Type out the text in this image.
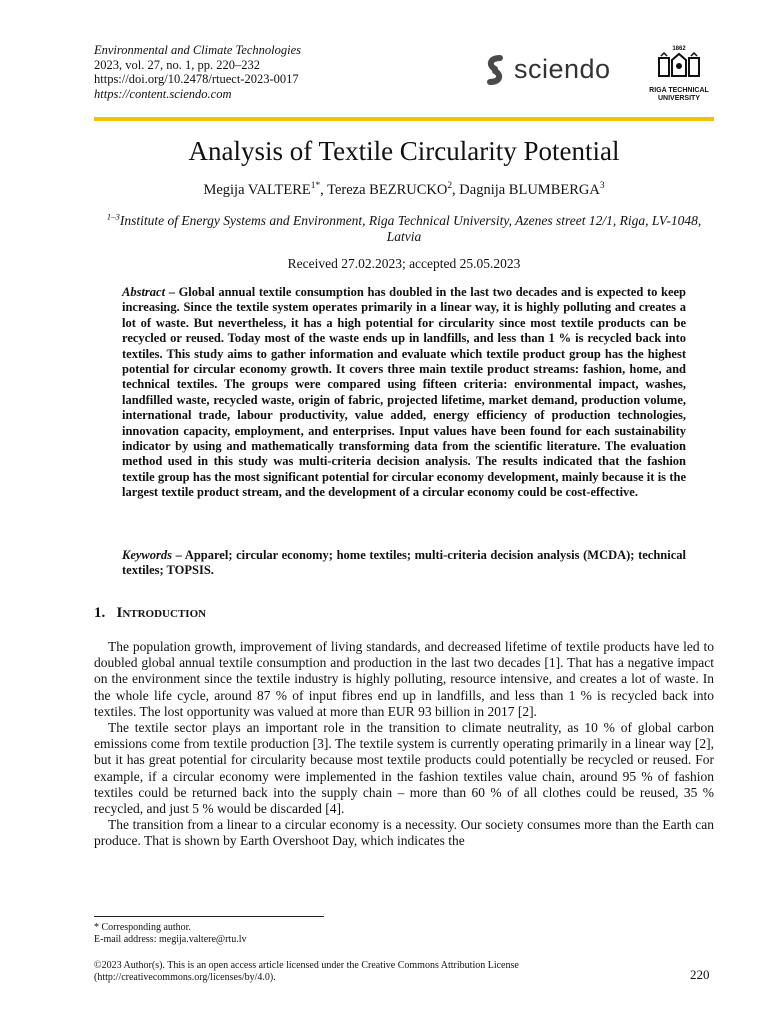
Environmental and Climate Technologies
2023, vol. 27, no. 1, pp. 220–232
https://doi.org/10.2478/rtuect-2023-0017
https://content.sciendo.com
sciendo
1862
RIGA TECHNICAL
UNIVERSITY
Analysis of Textile Circularity Potential
Megija $VALTERE^{1*}$, Tereza BEZRUCKO$^2$, Dagnija BLUMBERGA$^3$
$^{1-3}$Institute of Energy Systems and Environment, Riga Technical University, Azenes street 12/1, Riga, LV-1048, Latvia
Received 27.02.2023; accepted 25.05.2023
Abstract – Global annual textile consumption has doubled in the last two decades and is expected to keep increasing. Since the textile system operates primarily in a linear way, it is highly polluting and creates a lot of waste. But nevertheless, it has a high potential for circularity since most textile products can be recycled or reused. Today most of the waste ends up in landfills, and less than 1 % is recycled back into textiles. This study aims to gather information and evaluate which textile product group has the highest potential for circular economy growth. It covers three main textile product streams: fashion, home, and technical textiles. The groups were compared using fifteen criteria: environmental impact, washes, landfilled waste, recycled waste, origin of fabric, projected lifetime, market demand, production volume, international trade, labour productivity, value added, energy efficiency of production technologies, innovation capacity, employment, and enterprises. Input values have been found for each sustainability indicator by using and mathematically transforming data from the scientific literature. The evaluation method used in this study was multi-criteria decision analysis. The results indicated that the fashion textile group has the most significant potential for circular economy development, mainly because it is the largest textile product stream, and the development of a circular economy could be cost-effective.
Keywords – Apparel; circular economy; home textiles; multi-criteria decision analysis (MCDA); technical textiles; TOPSIS.
1. Introduction

The population growth, improvement of living standards, and decreased lifetime of textile products have led to doubled global annual textile consumption and production in the last two decades [1]. That has a negative impact on the environment since the textile industry is highly polluting, resource intensive, and creates a lot of waste. In the whole life cycle, around 87 % of input fibres end up in landfills, and less than 1 % is recycled back into textiles. The lost opportunity was valued at more than EUR 93 billion in 2017 [2].

The textile sector plays an important role in the transition to climate neutrality, as 10 % of global carbon emissions come from textile production [3]. The textile system is currently operating primarily in a linear way [2], but it has great potential for circularity because most textile products could potentially be recycled or reused. For example, if a circular economy were implemented in the fashion textiles value chain, around 95 % of fashion textiles could be returned back into the supply chain – more than 60 % of all clothes could be reused, 35 % recycled, and just 5 % would be discarded [4].

The transition from a linear to a circular economy is a necessity. Our society consumes more than the Earth can produce. That is shown by Earth Overshoot Day, which indicates the

* Corresponding author.
E-mail address: megija.valtere@rtu.lv
©2023 Author(s). This is an open access article licensed under the Creative Commons Attribution License
(http://creativecommons.org/licenses/by/4.0).	220
